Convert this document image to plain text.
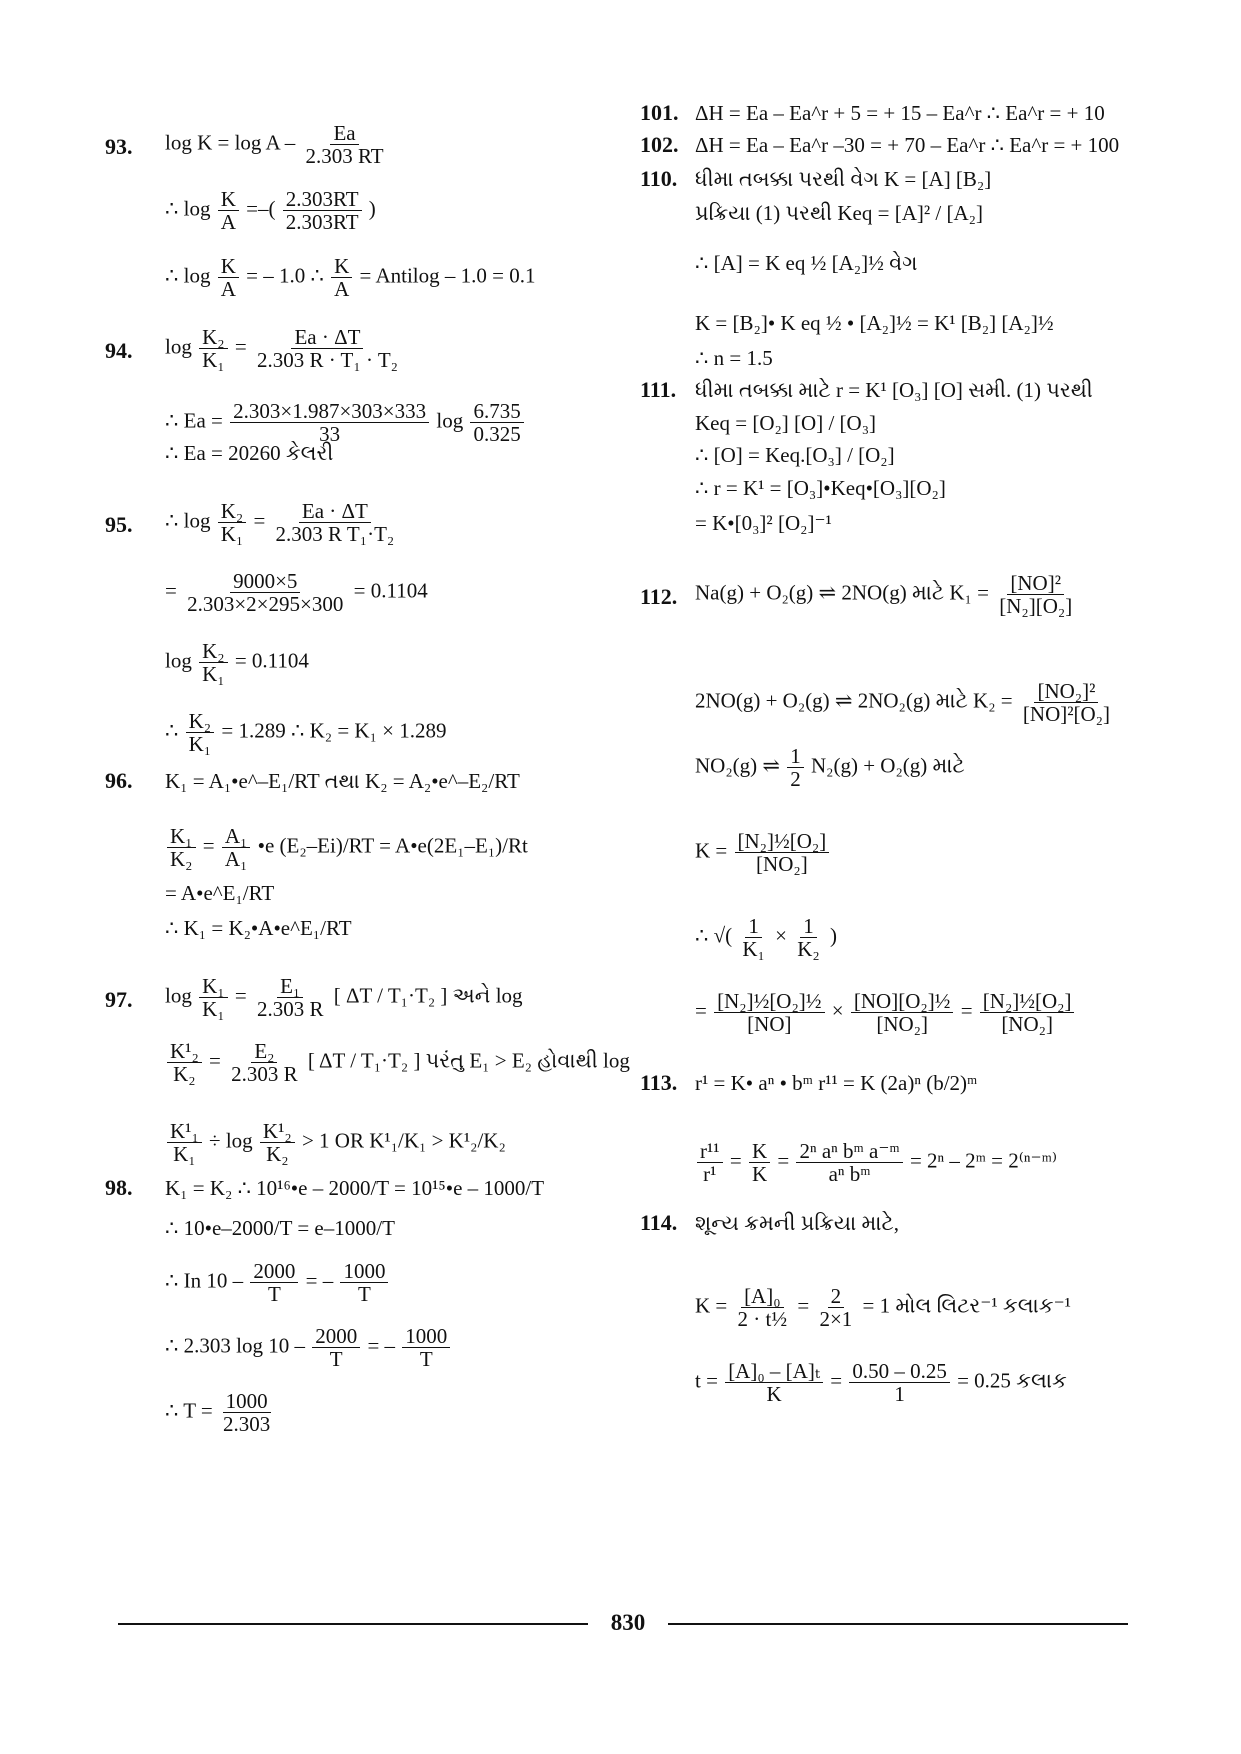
93. $\log K = \log A - \frac{Ea}{2.303 RT}$
∴ $\log \frac{K}{A}$ =–( $\frac{2.303RT}{2.303RT}$ )
∴ $\log \frac{K}{A}$ = – 1.0 ∴ $\frac{K}{A}$ = Antilog – 1.0 = 0.1
94. $\log \frac{\text{K₂}}{\text{K₁}} = \frac{Ea \cdot \Delta T}{\text{2.303 R · T₁ · T₂}}$
∴ $Ea = \frac{2.303\times 1.987\times 303\times 333}{33}$ $\log \frac{6.735}{0.325}$
∴ Ea = 20260 કેલરી
95. ∴ $\log \frac{\text{K₂}}{\text{K₁}} = \frac{Ea \cdot \Delta T}{\text{2.303 R T₁·T₂}}$
= $\frac{9000\times 5}{2.303\times 2\times 295\times 300} = 0.1104$
$\log \frac{\text{K₂}}{\text{K₁}} = 0.1104$
∴ $\frac{\text{K₂}}{\text{K₁}} = 1.289$ ∴ K₂ = K₁ × 1.289
96. K₁ = A₁•e^–E₁/RT તથા K₂ = A₂•e^–E₂/RT
$\frac{\text{K₁}}{\text{K₂}} = \frac{\text{A₁}}{\text{A₁}}$ •e (E₂–Ei)/RT = A•e(2E₁–E₁)/Rt
= A•e^E₁/RT
∴ K₁ = K₂•A•e^E₁/RT
97. $\log \frac{\text{K₁}}{\text{K₁}} = \frac{\text{E₁}}{2.303 R}$ [ ΔT / T₁·T₂ ] અને log
$\frac{\text{K¹₂}}{\text{K₂}} = \frac{\text{E₂}}{2.303 R}$ [ ΔT / T₁·T₂ ] પરંતુ E₁ > E₂ હોવાથી log
$\frac{\text{K¹₁}}{\text{K₁}} \div \log \frac{\text{K¹₂}}{\text{K₂}} > 1$ OR K¹₁/K₁ > K¹₂/K₂
98. K₁ = K₂ ∴ 10¹⁶•e – 2000/T = 10¹⁵•e – 1000/T
∴ 10•e–2000/T = e–1000/T
∴ In $10 - \frac{2000}{T}$ = – $\frac{1000}{T}$
∴ 2.303 $\log 10 - \frac{2000}{T}$ = – $\frac{1000}{T}$
∴ $T = \frac{1000}{2.303}$
101. ΔH = Ea – Ea^r + 5 = + 15 – Ea^r ∴ Ea^r = + 10
102. ΔH = Ea – Ea^r –30 = + 70 – Ea^r ∴ Ea^r = + 100
110. ધીમા તબક્કા પરથી વેગ K = [A] [B₂]
પ્રક્રિયા (1) પરથી Keq = [A]² / [A₂]
∴ [A] = K eq ½ [A₂]½ વેગ
K = [B₂]• K eq ½ • [A₂]½ = K¹ [B₂] [A₂]½
∴ n = 1.5
111. ધીમા તબક્કા માટે r = K¹ [O₃] [O] સમી. (1) પરથી
Keq = [O₂] [O] / [O₃]
∴ [O] = Keq.[O₃] / [O₂]
∴ r = K¹ = [O₃]•Keq•[O₃][O₂]
= K•[0₃]² [O₂]⁻¹
112. Na(g) + O₂(g) ⇌ 2NO(g) માટે $K_1 = \frac{\text{[NO]²}}{\text{[N₂][O₂]}}$
2NO(g) + O₂(g) ⇌ 2NO₂(g) માટે $K_2 = \frac{\text{[NO₂]²}}{\text{[NO]²[O₂]}}$
NO₂(g) ⇌ $\frac{1}{2} N_2(g) + O_2(g)$ માટે
$K = \frac{\text{[N₂]½[O₂]}}{\text{[NO₂]}}$
∴ √( $\frac{1}{\text{K₁}} \times \frac{1}{\text{K₂}}$ )
= $\frac{\text{[N₂]½[O₂]½}}{[NO]} \times \frac{\text{[NO][O₂]½}}{\text{[NO₂]}} = \frac{\text{[N₂]½[O₂]}}{\text{[NO₂]}}$
113. r¹ = K• aⁿ • bᵐ r¹¹ = K (2a)ⁿ (b/2)ᵐ
$\frac{\text{r¹¹}}{\text{r¹}} = \frac{K}{K} = \frac{\text{2ⁿ aⁿ bᵐ a⁻ᵐ}}{\text{aⁿ bᵐ}} = 2^n$ – 2ᵐ = 2⁽ⁿ⁻ᵐ⁾
114. શૂન્ય ક્રમની પ્રક્રિયા માટે,
$K = \frac{\text{[A]₀}}{\text{2 · t½}} = \frac{2}{2\times 1} = 1$ મોલ લિટર⁻¹ કલાક⁻¹
$t = \frac{\text{[A]₀ – [A]ₜ}}{K} = \frac{0.50 - 0.25}{1} = 0.25$ કલાક
830
